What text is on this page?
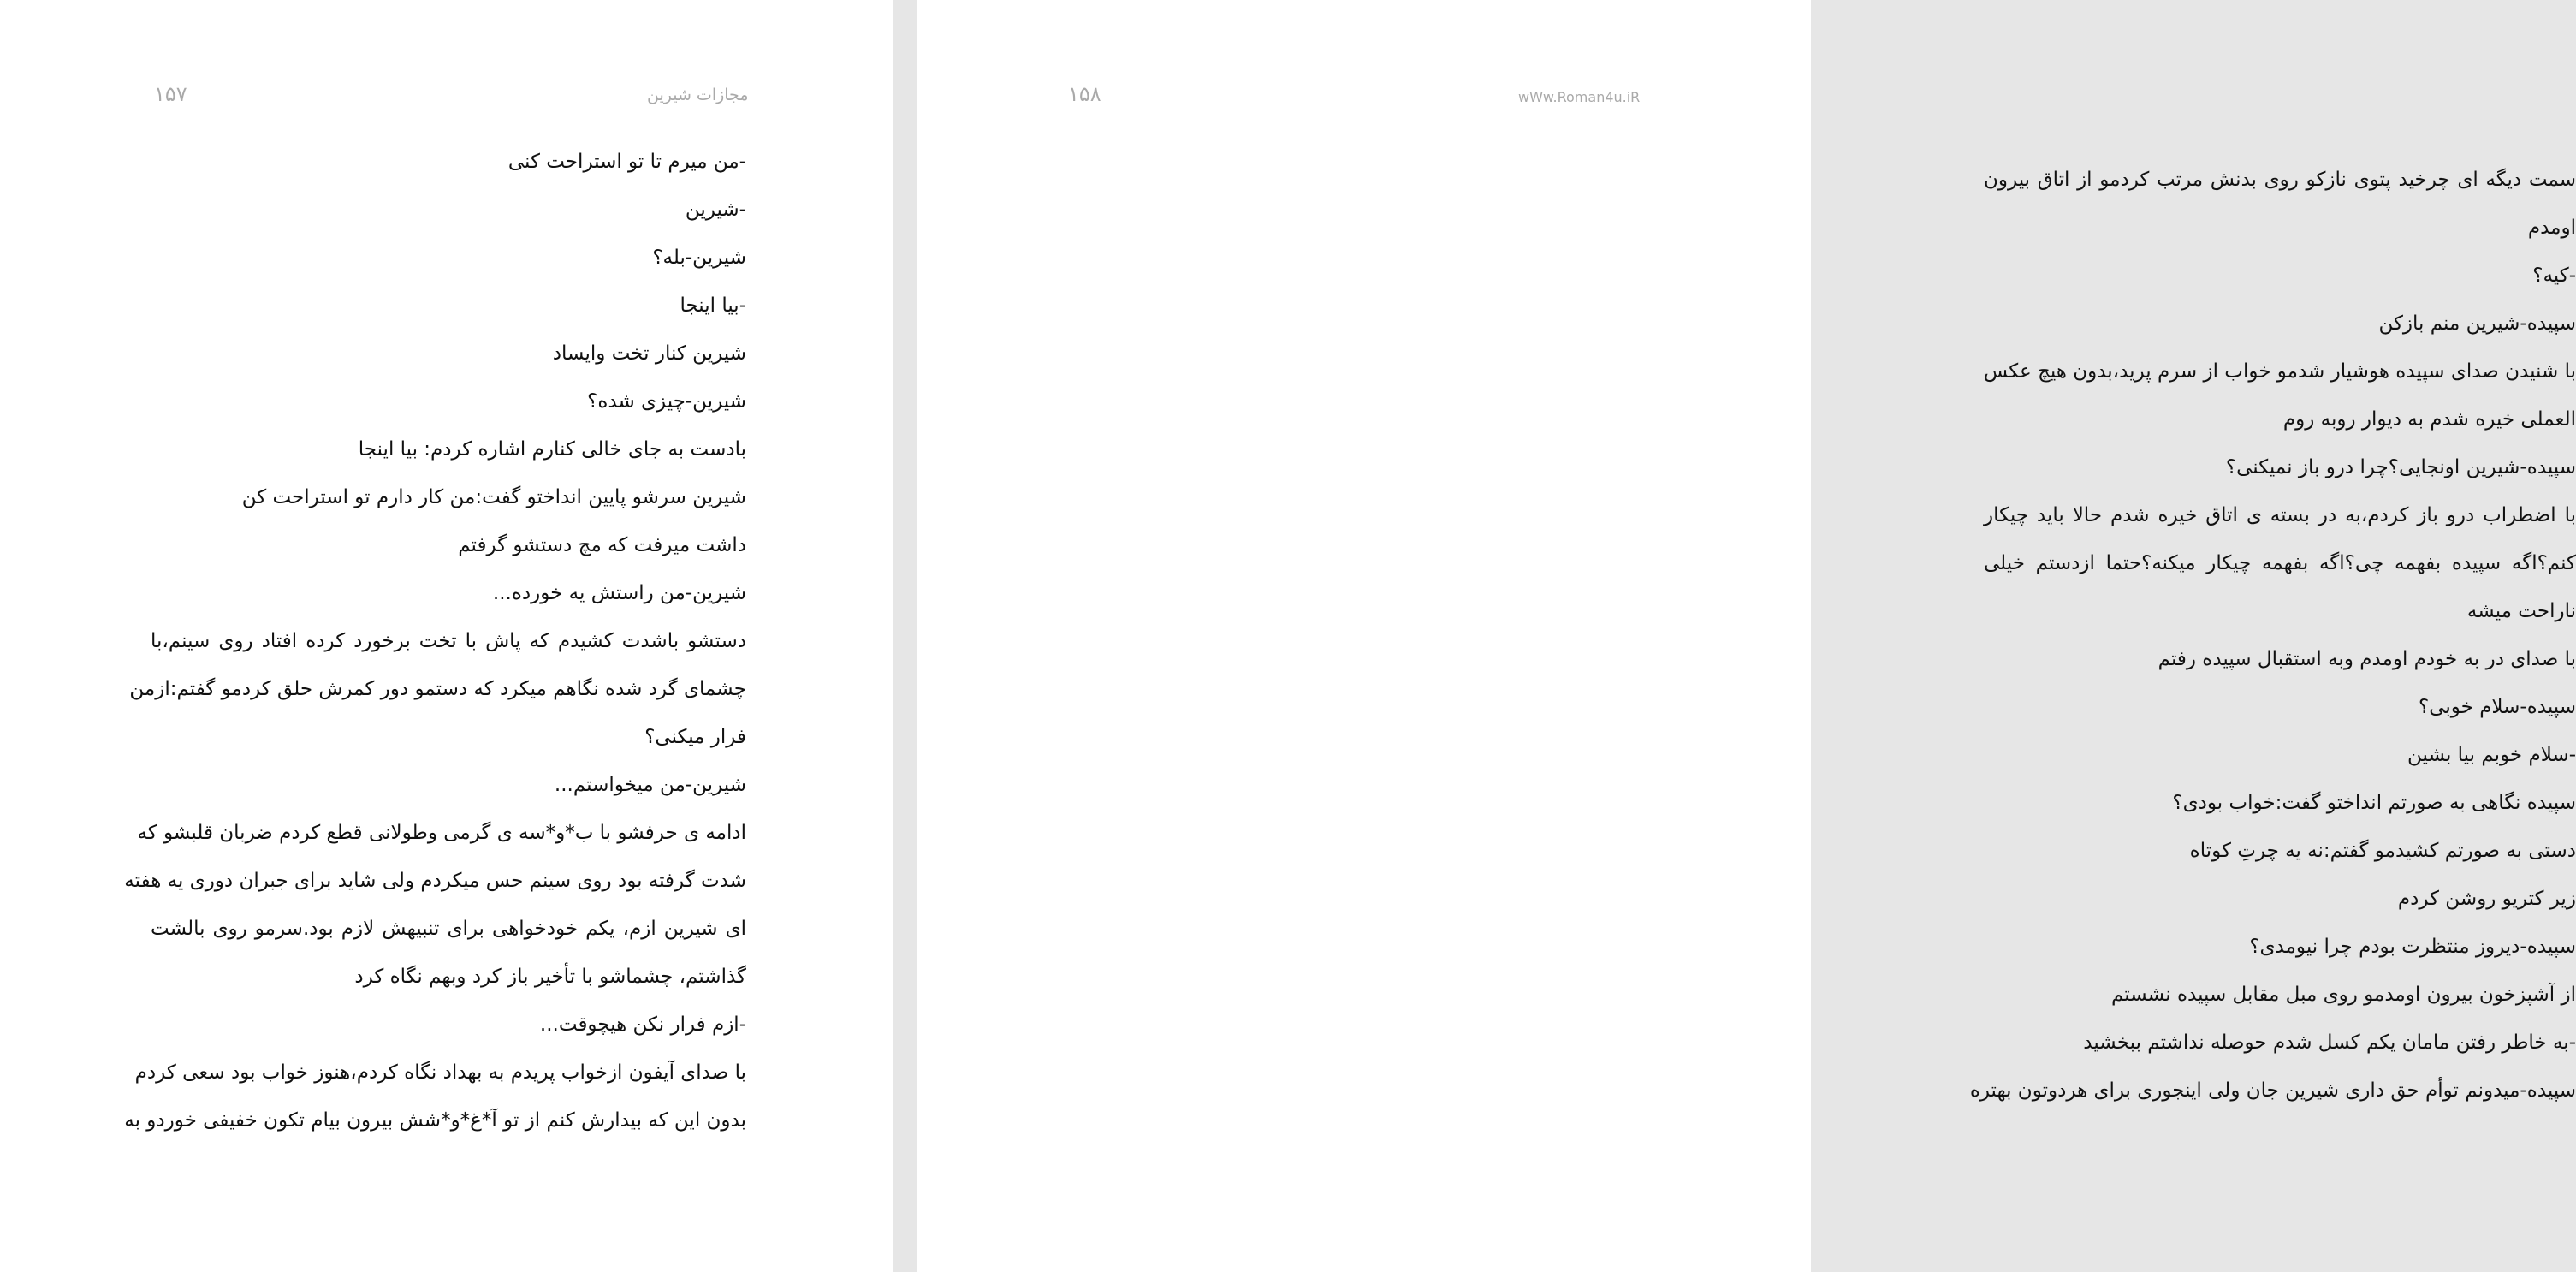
۱۵۷	مجازات شیرین
-من میرم تا تو استراحت کنی
-شیرین
شیرین-بله؟
-بیا اینجا
شیرین کنار تخت وایساد
شیرین-چیزی شده؟
بادست به جای خالی کنارم اشاره کردم: بیا اینجا
شیرین سرشو پایین انداختو گفت:من کار دارم تو استراحت کن
داشت میرفت که مچ دستشو گرفتم
شیرین-من راستش یه خورده...
دستشو باشدت کشیدم که پاش با تخت برخورد کرده افتاد روی سینم،با
چشمای گرد شده نگاهم میکرد که دستمو دور کمرش حلق کردمو گفتم:ازمن
فرار میکنی؟
شیرین-من میخواستم...
ادامه ی حرفشو با ب*و*سه ی گرمی وطولانی قطع کردم ضربان قلبشو که
شدت گرفته بود روی سینم حس میکردم ولی شاید برای جبران دوری یه هفته
ای شیرین ازم، یکم خودخواهی برای تنبیهش لازم بود.سرمو روی بالشت
گذاشتم، چشماشو با تأخیر باز کرد وبهم نگاه کرد
-ازم فرار نکن هیچوقت...
با صدای آیفون ازخواب پریدم به بهداد نگاه کردم،هنوز خواب بود سعی کردم
بدون این که بیدارش کنم از تو آ*غ*و*شش بیرون بیام تکون خفیفی خوردو به
۱۵۸	wWw.Roman4u.iR
سمت دیگه ای چرخید پتوی نازکو روی بدنش مرتب کردمو از اتاق بیرون
اومدم
-کیه؟
سپیده-شیرین منم بازکن
با شنیدن صدای سپیده هوشیار شدمو خواب از سرم پرید،بدون هیچ عکس
العملی خیره شدم به دیوار روبه روم
سپیده-شیرین اونجایی؟چرا درو باز نمیکنی؟
با اضطراب درو باز کردم،به در بسته ی اتاق خیره شدم حالا باید چیکار
کنم؟اگه سپیده بفهمه چی؟اگه بفهمه چیکار میکنه؟حتما ازدستم خیلی
ناراحت میشه
با صدای در به خودم اومدم وبه استقبال سپیده رفتم
سپیده-سلام خوبی؟
-سلام خوبم بیا بشین
سپیده نگاهی به صورتم انداختو گفت:خواب بودی؟
دستی به صورتم کشیدمو گفتم:نه یه چرتِ کوتاه
زیر کتریو روشن کردم
سپیده-دیروز منتظرت بودم چرا نیومدی؟
از آشپزخون بیرون اومدمو روی مبل مقابل سپیده نشستم
-به خاطر رفتن مامان یکم کسل شدم حوصله نداشتم ببخشید
سپیده-میدونم توأم حق داری شیرین جان ولی اینجوری برای هردوتون بهتره
